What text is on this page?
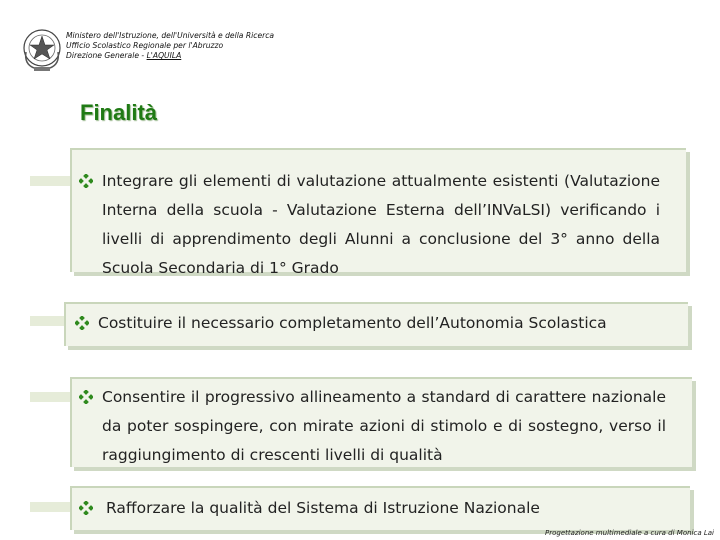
Ministero dell'Istruzione, dell'Università e della Ricerca
Ufficio Scolastico Regionale per l'Abruzzo
Direzione Generale - L'AQUILA
Finalità
Integrare gli elementi di valutazione attualmente esistenti (Valutazione Interna della scuola - Valutazione Esterna dell’INVaLSI) verificando i livelli di apprendimento degli Alunni a conclusione del 3° anno della Scuola Secondaria di 1° Grado
Costituire il necessario completamento dell’Autonomia Scolastica
Consentire il progressivo allineamento a standard di carattere nazionale da poter sospingere, con mirate azioni di stimolo e di sostegno, verso il raggiungimento di crescenti livelli di qualità
Rafforzare la qualità del Sistema di Istruzione Nazionale
Progettazione multimediale a cura di Monica Lai
